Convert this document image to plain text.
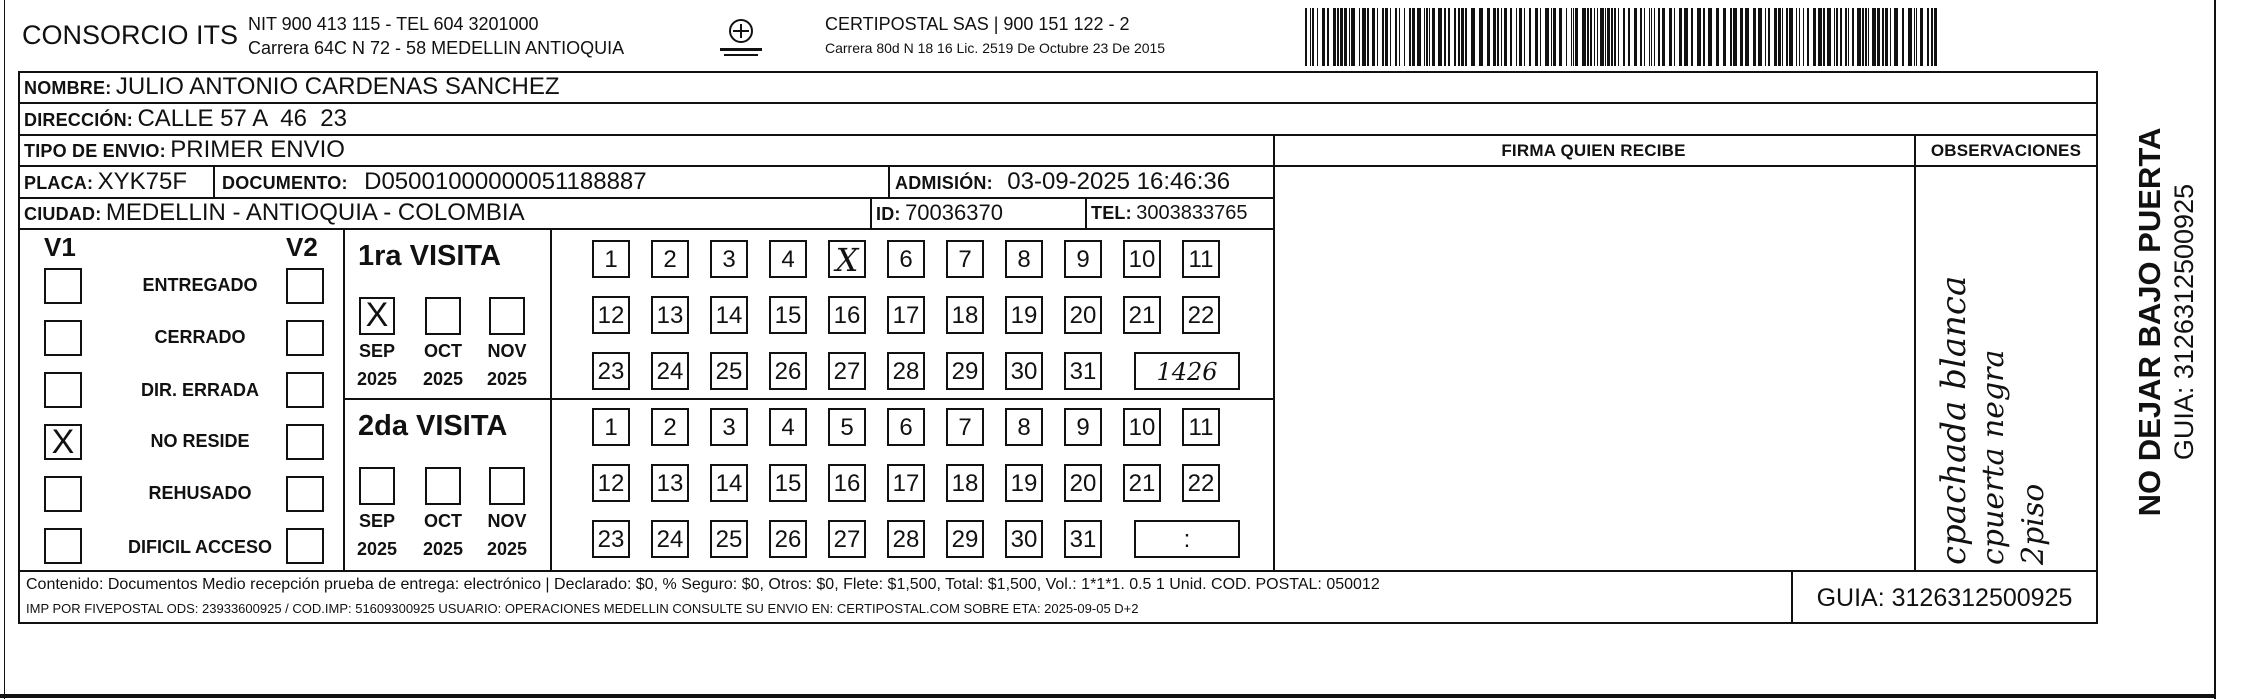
CONSORCIO ITS NIT 900 413 115 - TEL 604 3201000
Carrera 64C N 72 - 58 MEDELLIN ANTIOQUIA
CERTIPOSTAL SAS | 900 151 122 - 2
Carrera 80d N 18 16 Lic. 2519 De Octubre 23 De 2015
NOMBRE: JULIO ANTONIO CARDENAS SANCHEZ
DIRECCIÓN: CALLE 57 A  46  23
TIPO DE ENVIO: PRIMER ENVIO	FIRMA QUIEN RECIBE	OBSERVACIONES
PLACA: XYK75F DOCUMENTO: D05001000000051188887	ADMISIÓN: 03-09-2025 16:46:36
CIUDAD: MEDELLIN - ANTIOQUIA - COLOMBIA	ID: 70036370	TEL: 3003833765
V1	V2
ENTREGADO
CERRADO
DIR. ERRADA
X	NO RESIDE
REHUSADO
DIFICIL ACCESO
1ra VISITA
X
SEP	OCT	NOV
2025	2025	2025
1	2	3	4	X	6	7	8	9	10 11
12 13 14 15 16 17 18 19 20 21 22
23 24 25 26 27 28 29 30 31	1426
2da VISITA
SEP	OCT	NOV
2025	2025	2025
1	2	3	4	5	6	7	8	9	10 11
12 13 14 15 16 17 18 19 20 21 22
23 24 25 26 27 28 29 30 31	:	cpachada blanca cpuerta negra 2piso
Contenido: Documentos Medio recepción prueba de entrega: electrónico | Declarado: $0, % Seguro: $0, Otros: $0, Flete: $1,500, Total: $1,500, Vol.: 1*1*1. 0.5 1 Unid. COD. POSTAL: 050012
IMP POR FIVEPOSTAL ODS: 23933600925 / COD.IMP: 51609300925 USUARIO: OPERACIONES MEDELLIN CONSULTE SU ENVIO EN: CERTIPOSTAL.COM SOBRE ETA: 2025-09-05 D+2	GUIA: 3126312500925
NO DEJAR BAJO PUERTA GUIA: 3126312500925
